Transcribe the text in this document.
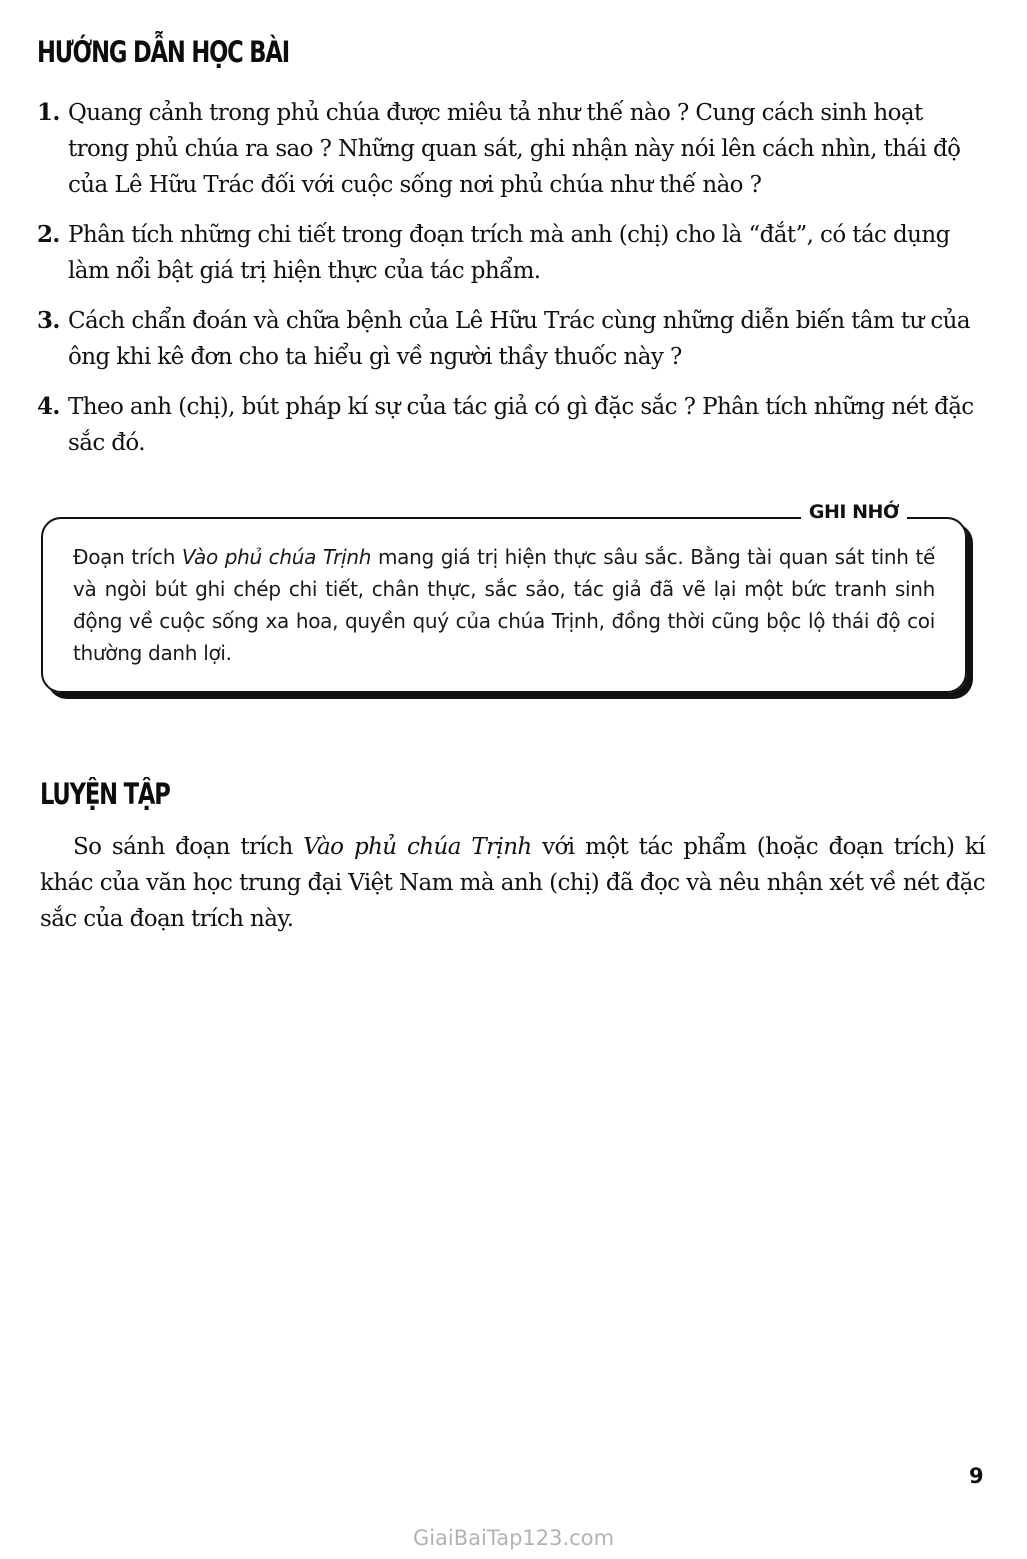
HƯỚNG DẪN HỌC BÀI
1. Quang cảnh trong phủ chúa được miêu tả như thế nào ? Cung cách sinh hoạt trong phủ chúa ra sao ? Những quan sát, ghi nhận này nói lên cách nhìn, thái độ của Lê Hữu Trác đối với cuộc sống nơi phủ chúa như thế nào ?
2. Phân tích những chi tiết trong đoạn trích mà anh (chị) cho là “đắt”, có tác dụng làm nổi bật giá trị hiện thực của tác phẩm.
3. Cách chẩn đoán và chữa bệnh của Lê Hữu Trác cùng những diễn biến tâm tư của ông khi kê đơn cho ta hiểu gì về người thầy thuốc này ?
4. Theo anh (chị), bút pháp kí sự của tác giả có gì đặc sắc ? Phân tích những nét đặc sắc đó.
GHI NHỚ
Đoạn trích Vào phủ chúa Trịnh mang giá trị hiện thực sâu sắc. Bằng tài quan sát tinh tế và ngòi bút ghi chép chi tiết, chân thực, sắc sảo, tác giả đã vẽ lại một bức tranh sinh động về cuộc sống xa hoa, quyền quý của chúa Trịnh, đồng thời cũng bộc lộ thái độ coi thường danh lợi.
LUYỆN TẬP

So sánh đoạn trích Vào phủ chúa Trịnh với một tác phẩm (hoặc đoạn trích) kí khác của văn học trung đại Việt Nam mà anh (chị) đã đọc và nêu nhận xét về nét đặc sắc của đoạn trích này.

9
GiaiBaiTap123.com
